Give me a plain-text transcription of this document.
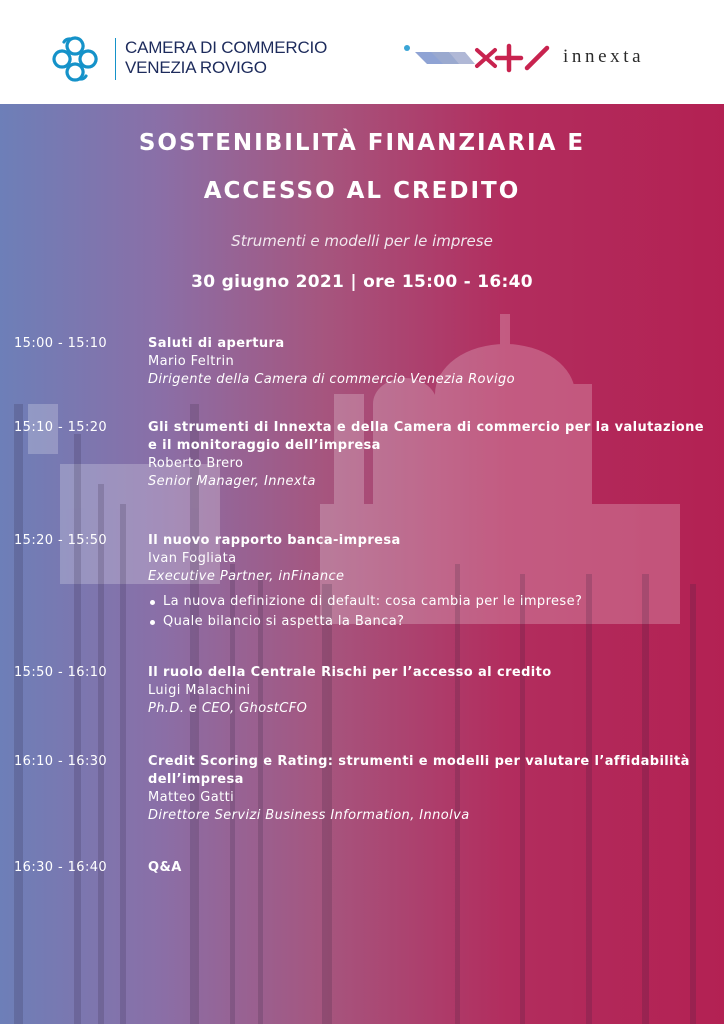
CAMERA DI COMMERCIO
VENEZIA ROVIGO
innexta
SOSTENIBILITÀ FINANZIARIA E
ACCESSO AL CREDITO
Strumenti e modelli per le imprese
30 giugno 2021 | ore 15:00 - 16:40
15:00 - 15:10	Saluti di apertura
Mario Feltrin
Dirigente della Camera di commercio Venezia Rovigo
15:10 - 15:20	Gli strumenti di Innexta e della Camera di commercio per la valutazione e il monitoraggio dell’impresa
Roberto Brero
Senior Manager, Innexta
15:20 - 15:50	Il nuovo rapporto banca-impresa
Ivan Fogliata
Executive Partner, inFinance
La nuova definizione di default: cosa cambia per le imprese?
Quale bilancio si aspetta la Banca?
15:50 - 16:10	Il ruolo della Centrale Rischi per l’accesso al credito
Luigi Malachini
Ph.D. e CEO, GhostCFO
16:10 - 16:30	Credit Scoring e Rating: strumenti e modelli per valutare l’affidabilità dell’impresa
Matteo Gatti
Direttore Servizi Business Information, Innolva
16:30 - 16:40	Q&A
